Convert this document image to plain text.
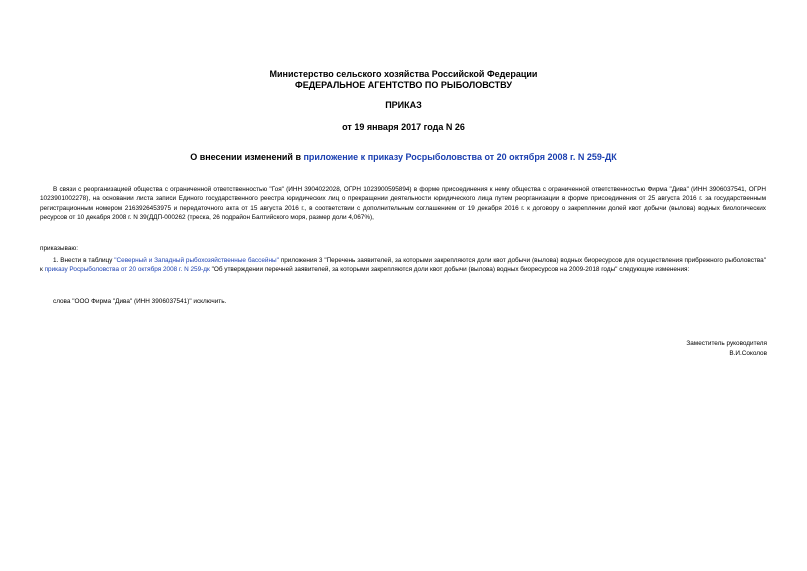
Министерство сельского хозяйства Российской Федерации
ФЕДЕРАЛЬНОЕ АГЕНТСТВО ПО РЫБОЛОВСТВУ
ПРИКАЗ
от 19 января 2017 года N 26
О внесении изменений в приложение к приказу Росрыболовства от 20 октября 2008 г. N 259-ДК
В связи с реорганизацией общества с ограниченной ответственностью "Гоя" (ИНН 3904022028, ОГРН 1023900595894) в форме присоединения к нему общества с ограниченной ответственностью Фирма "Дива" (ИНН 3906037541, ОГРН 1023901002278), на основании листа записи Единого государственного реестра юридических лиц о прекращении деятельности юридического лица путем реорганизации в форме присоединения от 25 августа 2016 г. за государственным регистрационным номером 2163926453975 и передаточного акта от 15 августа 2016 г., в соответствии с дополнительным соглашением от 19 декабря 2016 г. к договору о закреплении долей квот добычи (вылова) водных биологических ресурсов от 10 декабря 2008 г. N 39(ДДП-000262 (треска, 26 подрайон Балтийского моря, размер доли 4,067%),
приказываю:
1. Внести в таблицу "Северный и Западный рыбохозяйственные бассейны" приложения 3 "Перечень заявителей, за которыми закрепляются доли квот добычи (вылова) водных биоресурсов для осуществления прибрежного рыболовства" к приказу Росрыболовства от 20 октября 2008 г. N 259-дк "Об утверждении перечней заявителей, за которыми закрепляются доли квот добычи (вылова) водных биоресурсов на 2009-2018 годы" следующие изменения:
слова "ООО Фирма "Дива" (ИНН 3906037541)" исключить.
Заместитель руководителя
В.И.Соколов
